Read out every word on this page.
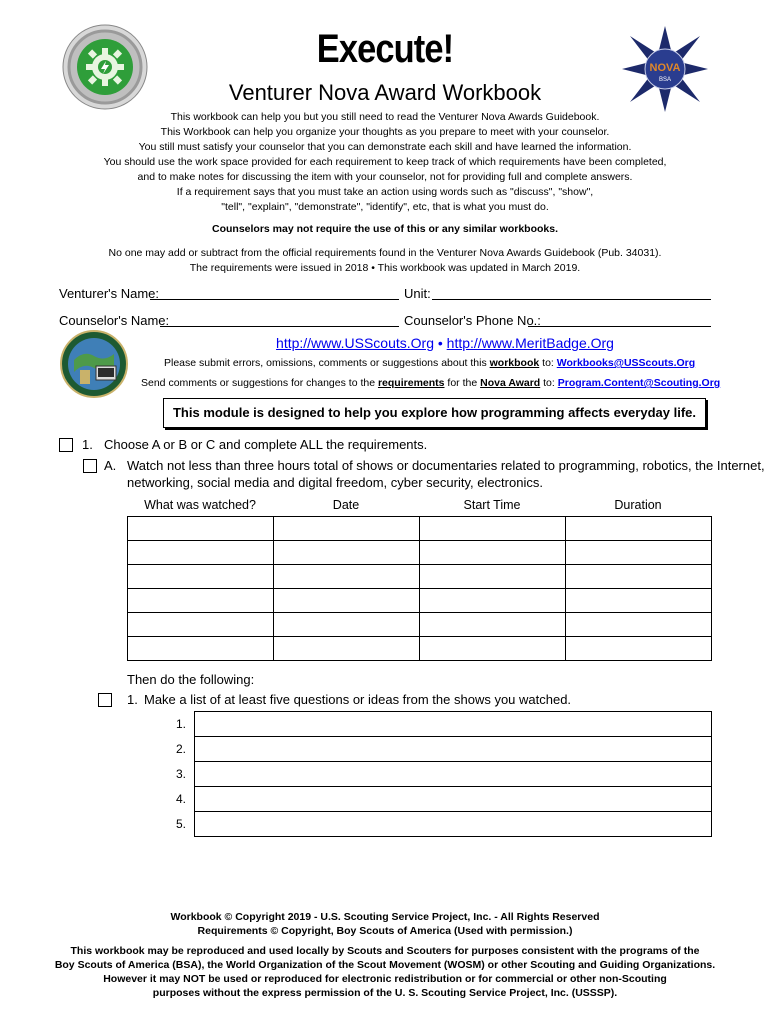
NOVA
BSA
Execute!
Venturer Nova Award Workbook
This workbook can help you but you still need to read the Venturer Nova Awards Guidebook.
This Workbook can help you organize your thoughts as you prepare to meet with your counselor.
You still must satisfy your counselor that you can demonstrate each skill and have learned the information.
You should use the work space provided for each requirement to keep track of which requirements have been completed,
and to make notes for discussing the item with your counselor, not for providing full and complete answers.
If a requirement says that you must take an action using words such as "discuss", "show",
"tell", "explain", "demonstrate", "identify", etc, that is what you must do.
Counselors may not require the use of this or any similar workbooks.
No one may add or subtract from the official requirements found in the Venturer Nova Awards Guidebook (Pub. 34031).
The requirements were issued in 2018 • This workbook was updated in March 2019.
Venturer's Name:	Unit:
Counselor's Name:	Counselor's Phone No.:
http://www.USScouts.Org • http://www.MeritBadge.Org
Please submit errors, omissions, comments or suggestions about this workbook to: Workbooks@USScouts.Org
Send comments or suggestions for changes to the requirements for the Nova Award to: Program.Content@Scouting.Org
This module is designed to help you explore how programming affects everyday life.
1. Choose A or B or C and complete ALL the requirements.
A. Watch not less than three hours total of shows or documentaries related to programming, robotics, the Internet,
networking, social media and digital freedom, cyber security, electronics.
What was watched?	Date	Start Time	Duration

Then do the following:
1. Make a list of at least five questions or ideas from the shows you watched.
1.
2.
3.
4.
5.
Workbook © Copyright 2019 - U.S. Scouting Service Project, Inc. - All Rights Reserved
Requirements © Copyright, Boy Scouts of America (Used with permission.)
This workbook may be reproduced and used locally by Scouts and Scouters for purposes consistent with the programs of the
Boy Scouts of America (BSA), the World Organization of the Scout Movement (WOSM) or other Scouting and Guiding Organizations.
However it may NOT be used or reproduced for electronic redistribution or for commercial or other non-Scouting
purposes without the express permission of the U. S. Scouting Service Project, Inc. (USSSP).
